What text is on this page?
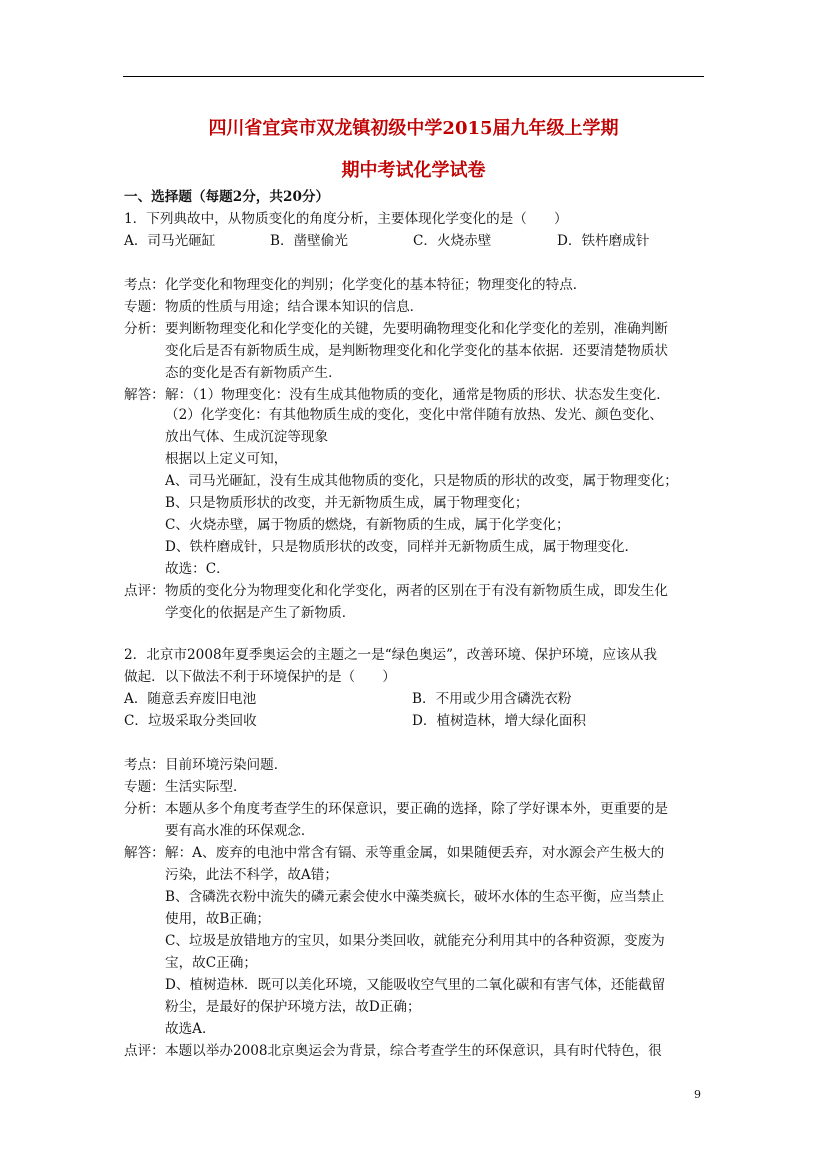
四川省宜宾市双龙镇初级中学2015届九年级上学期
期中考试化学试卷
一、选择题（每题2分，共20分）
1．下列典故中，从物质变化的角度分析，主要体现化学变化的是（　　）
A．司马光砸缸	B．凿壁偷光	C．火烧赤壁	D．铁杵磨成针
考点： 化学变化和物理变化的判别；化学变化的基本特征；物理变化的特点．
专题： 物质的性质与用途；结合课本知识的信息．
分析： 要判断物理变化和化学变化的关键，先要明确物理变化和化学变化的差别，准确判断
变化后是否有新物质生成，是判断物理变化和化学变化的基本依据．还要清楚物质状
态的变化是否有新物质产生．
解答： 解：（1）物理变化：没有生成其他物质的变化，通常是物质的形状、状态发生变化．
（2）化学变化：有其他物质生成的变化，变化中常伴随有放热、发光、颜色变化、
放出气体、生成沉淀等现象
根据以上定义可知，
A、司马光砸缸，没有生成其他物质的变化，只是物质的形状的改变，属于物理变化；
B、只是物质形状的改变，并无新物质生成，属于物理变化；
C、火烧赤壁，属于物质的燃烧，有新物质的生成，属于化学变化；
D、铁杵磨成针，只是物质形状的改变，同样并无新物质生成，属于物理变化．
故选：C．
点评： 物质的变化分为物理变化和化学变化，两者的区别在于有没有新物质生成，即发生化
学变化的依据是产生了新物质．
2．北京市2008年夏季奥运会的主题之一是“绿色奥运”，改善环境、保护环境，应该从我
做起．以下做法不利于环境保护的是（　　）
A．随意丢弃废旧电池	B．不用或少用含磷洗衣粉
C．垃圾采取分类回收	D．植树造林，增大绿化面积
考点： 目前环境污染问题．
专题： 生活实际型．
分析： 本题从多个角度考查学生的环保意识，要正确的选择，除了学好课本外，更重要的是
要有高水准的环保观念．
解答： 解：A、废弃的电池中常含有镉、汞等重金属，如果随便丢弃，对水源会产生极大的
污染，此法不科学，故A错；
B、含磷洗衣粉中流失的磷元素会使水中藻类疯长，破坏水体的生态平衡，应当禁止
使用，故B正确；
C、垃圾是放错地方的宝贝，如果分类回收，就能充分利用其中的各种资源，变废为
宝，故C正确；
D、植树造林．既可以美化环境，又能吸收空气里的二氧化碳和有害气体，还能截留
粉尘，是最好的保护环境方法，故D正确；
故选A．
点评： 本题以举办2008北京奥运会为背景，综合考查学生的环保意识，具有时代特色，很
9
